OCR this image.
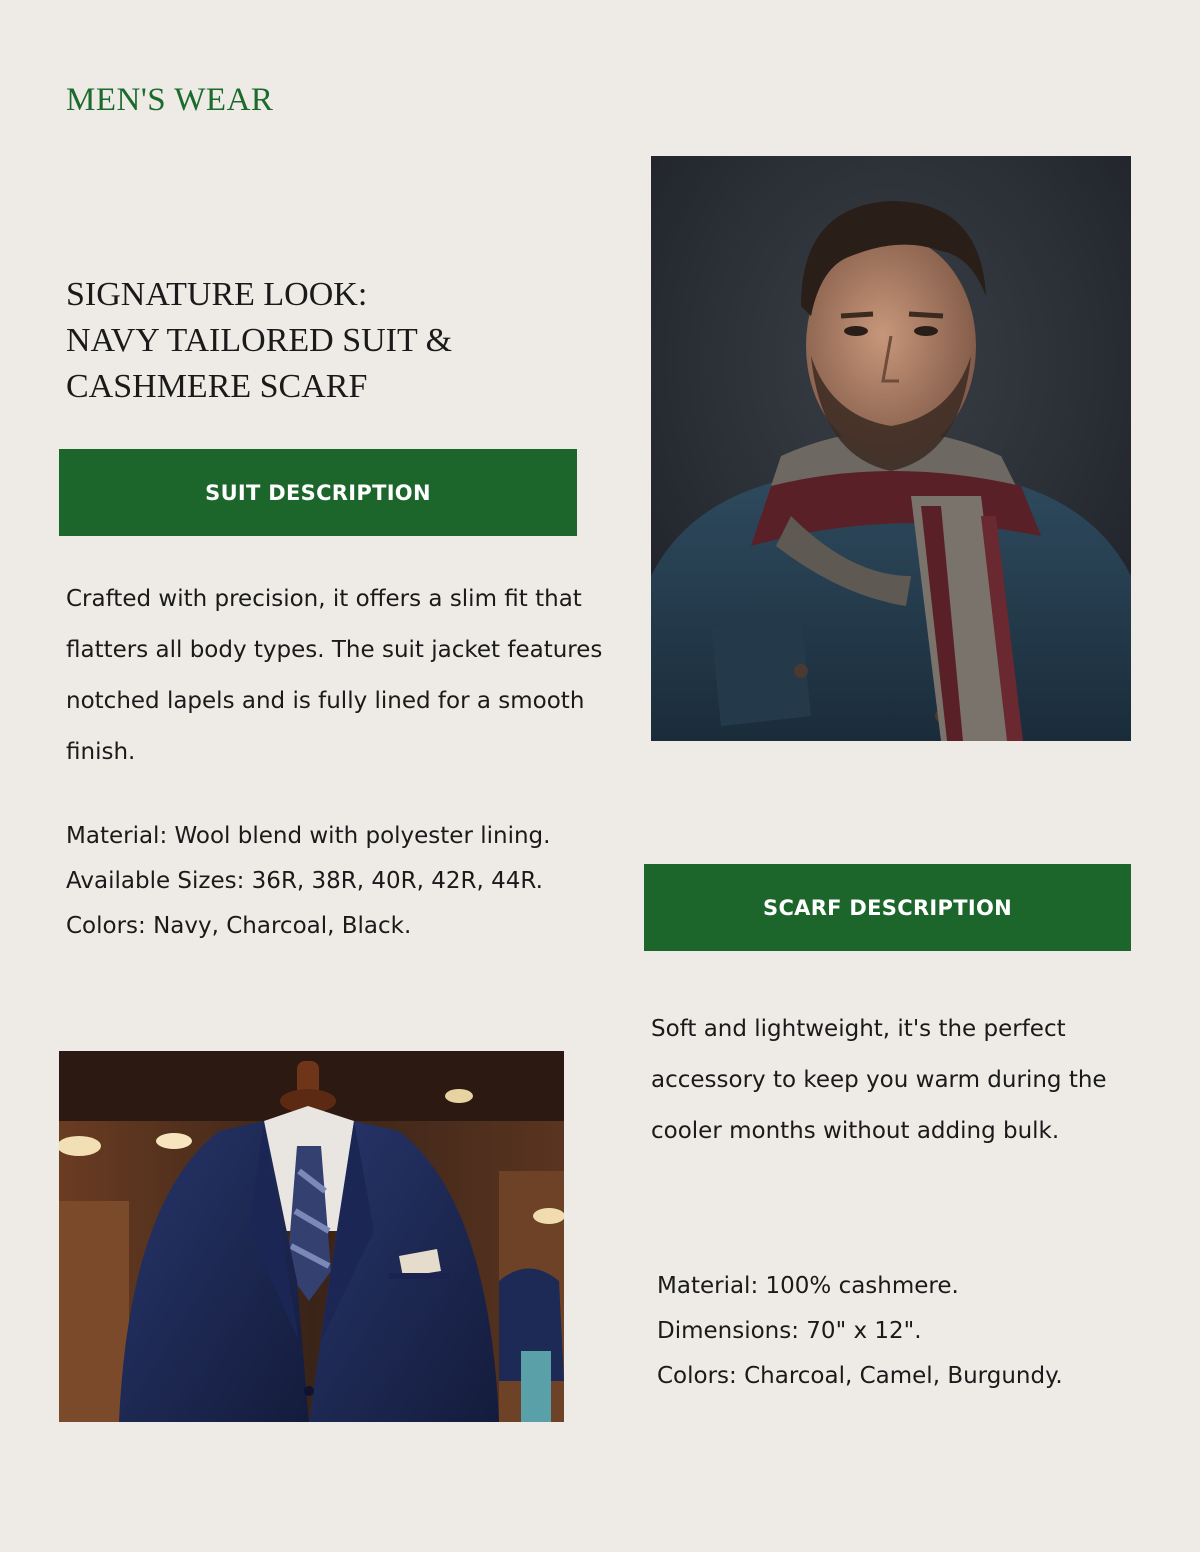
MEN'S WEAR
SIGNATURE LOOK:
NAVY TAILORED SUIT &
CASHMERE SCARF
SUIT DESCRIPTION

Crafted with precision, it offers a slim fit that flatters all body types. The suit jacket features notched lapels and is fully lined for a smooth finish.

Material: Wool blend with polyester lining.
Available Sizes: 36R, 38R, 40R, 42R, 44R.
Colors: Navy, Charcoal, Black.
SCARF DESCRIPTION

Soft and lightweight, it's the perfect accessory to keep you warm during the cooler months without adding bulk.

Material: 100% cashmere.
Dimensions: 70" x 12".
Colors: Charcoal, Camel, Burgundy.
